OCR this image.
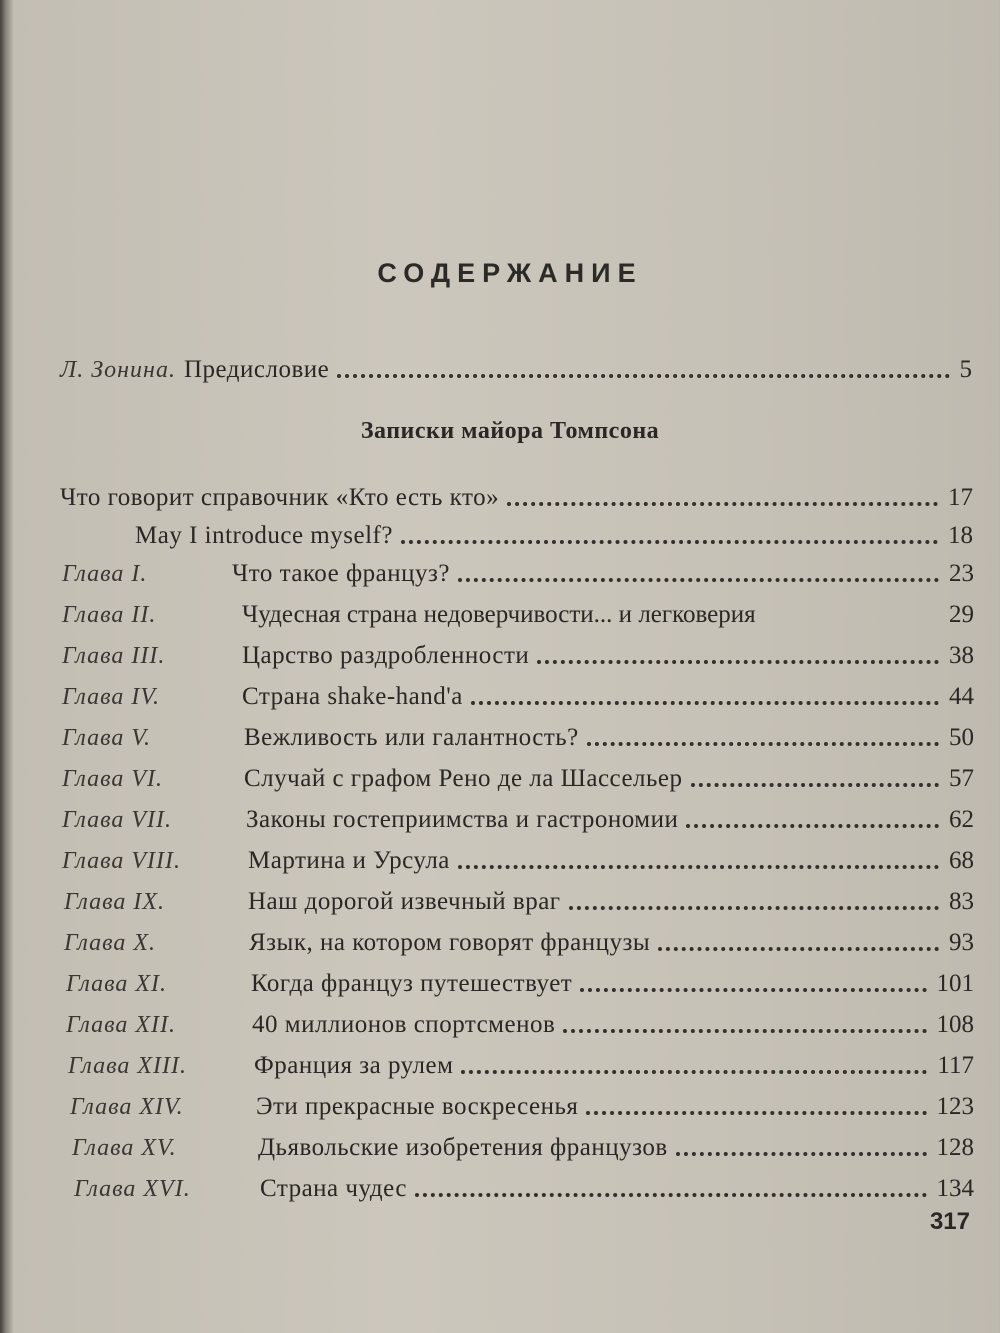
СОДЕРЖАНИЕ
Л. Зонина. Предисловие	5
Записки майора Томпсона
Что говорит справочник «Кто есть кто»	17
May I introduce myself?	18
Глава I.	Что такое француз?	23
Глава II.	Чудесная страна недоверчивости... и легковерия	29
Глава III.	Царство раздробленности	38
Глава IV.	Страна shake-hand'а	44
Глава V.	Вежливость или галантность?	50
Глава VI.	Случай с графом Рено де ла Шассельер	57
Глава VII.	Законы гостеприимства и гастрономии	62
Глава VIII.	Мартина и Урсула	68
Глава IX.	Наш дорогой извечный враг	83
Глава X.	Язык, на котором говорят французы	93
Глава XI.	Когда француз путешествует	101
Глава XII.	40 миллионов спортсменов	108
Глава XIII.	Франция за рулем	117
Глава XIV.	Эти прекрасные воскресенья	123
Глава XV.	Дьявольские изобретения французов	128
Глава XVI.	Страна чудес	134
317
